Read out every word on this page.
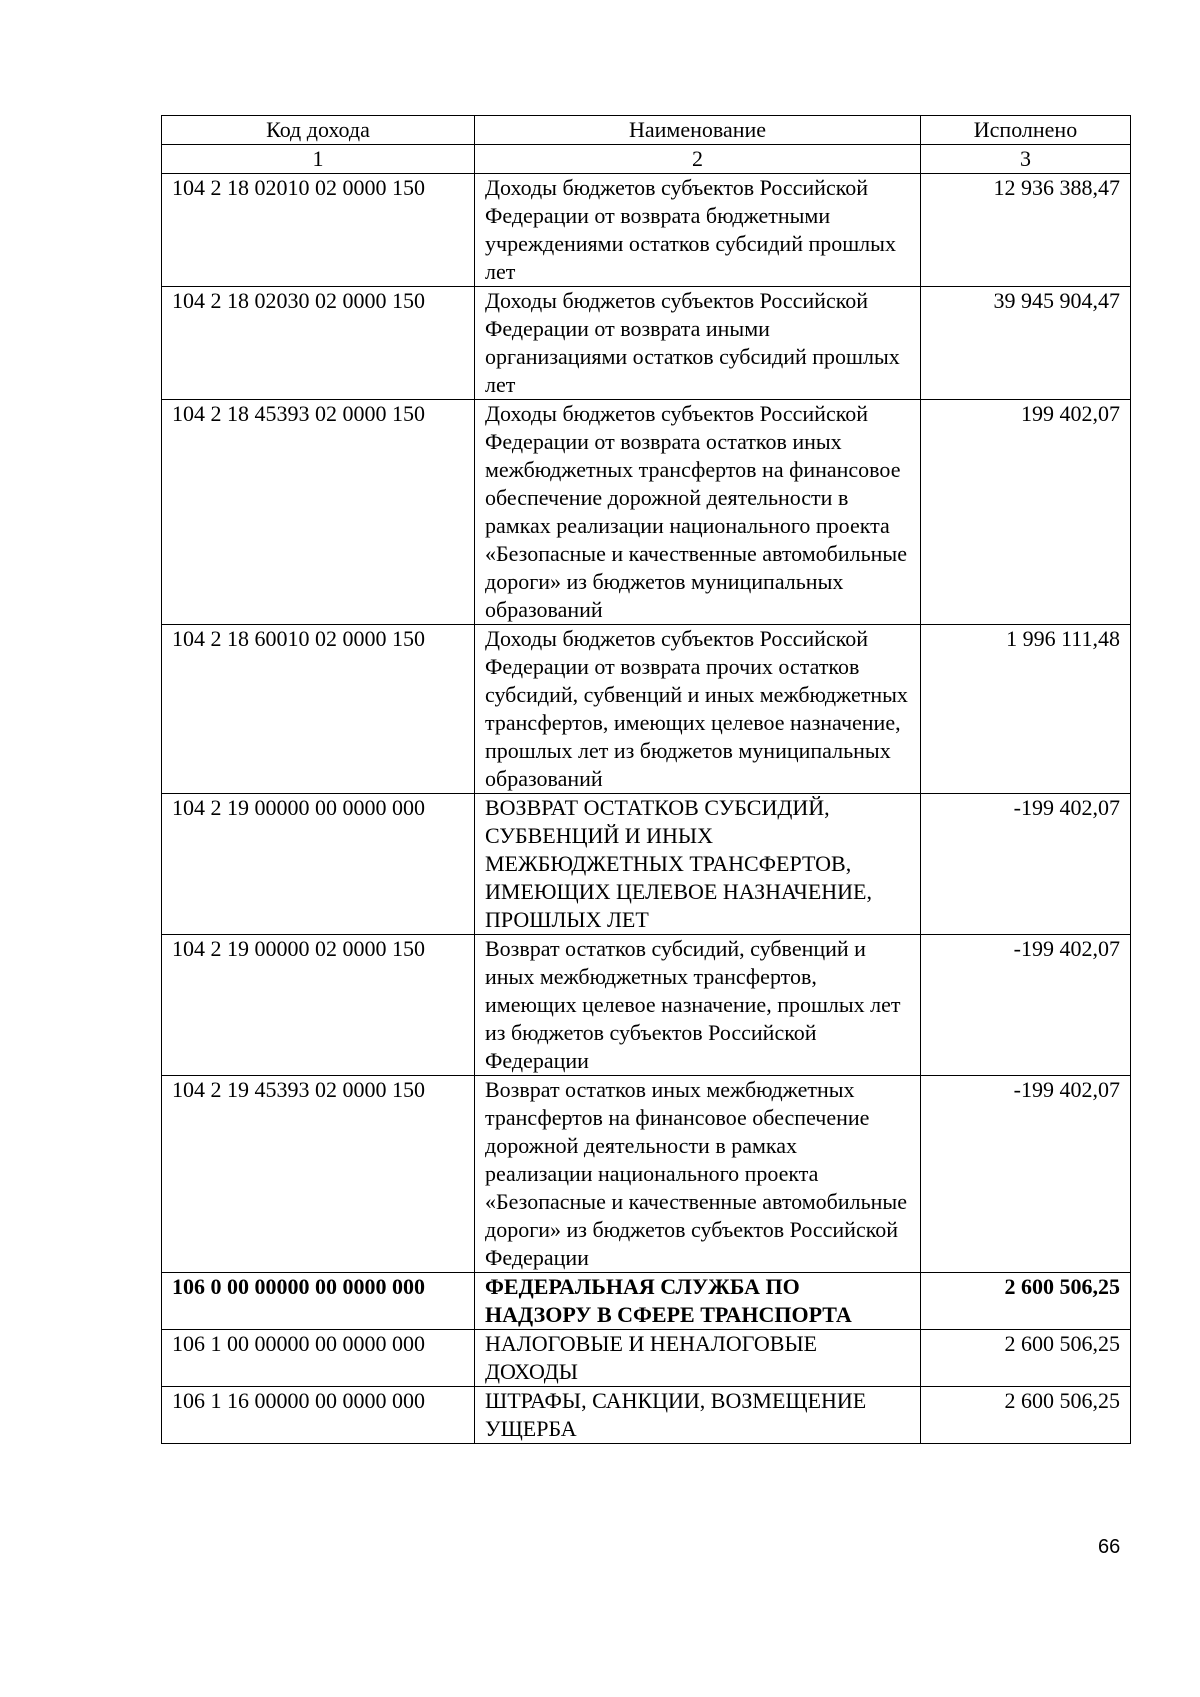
Код дохода	Наименование	Исполнено
1	2	3
104 2 18 02010 02 0000 150	Доходы бюджетов субъектов Российской Федерации от возврата бюджетными учреждениями остатков субсидий прошлых лет	12 936 388,47
104 2 18 02030 02 0000 150	Доходы бюджетов субъектов Российской Федерации от возврата иными организациями остатков субсидий прошлых лет	39 945 904,47
104 2 18 45393 02 0000 150	Доходы бюджетов субъектов Российской Федерации от возврата остатков иных межбюджетных трансфертов на финансовое обеспечение дорожной деятельности в рамках реализации национального проекта «Безопасные и качественные автомобильные дороги» из бюджетов муниципальных образований	199 402,07
104 2 18 60010 02 0000 150	Доходы бюджетов субъектов Российской Федерации от возврата прочих остатков субсидий, субвенций и иных межбюджетных трансфертов, имеющих целевое назначение, прошлых лет из бюджетов муниципальных образований	1 996 111,48
104 2 19 00000 00 0000 000	ВОЗВРАТ ОСТАТКОВ СУБСИДИЙ, СУБВЕНЦИЙ И ИНЫХ МЕЖБЮДЖЕТНЫХ ТРАНСФЕРТОВ, ИМЕЮЩИХ ЦЕЛЕВОЕ НАЗНАЧЕНИЕ, ПРОШЛЫХ ЛЕТ	-199 402,07
104 2 19 00000 02 0000 150	Возврат остатков субсидий, субвенций и иных межбюджетных трансфертов, имеющих целевое назначение, прошлых лет из бюджетов субъектов Российской Федерации	-199 402,07
104 2 19 45393 02 0000 150	Возврат остатков иных межбюджетных трансфертов на финансовое обеспечение дорожной деятельности в рамках реализации национального проекта «Безопасные и качественные автомобильные дороги» из бюджетов субъектов Российской Федерации	-199 402,07
106 0 00 00000 00 0000 000	ФЕДЕРАЛЬНАЯ СЛУЖБА ПО НАДЗОРУ В СФЕРЕ ТРАНСПОРТА	2 600 506,25
106 1 00 00000 00 0000 000	НАЛОГОВЫЕ И НЕНАЛОГОВЫЕ ДОХОДЫ	2 600 506,25
106 1 16 00000 00 0000 000	ШТРАФЫ, САНКЦИИ, ВОЗМЕЩЕНИЕ УЩЕРБА	2 600 506,25
66
